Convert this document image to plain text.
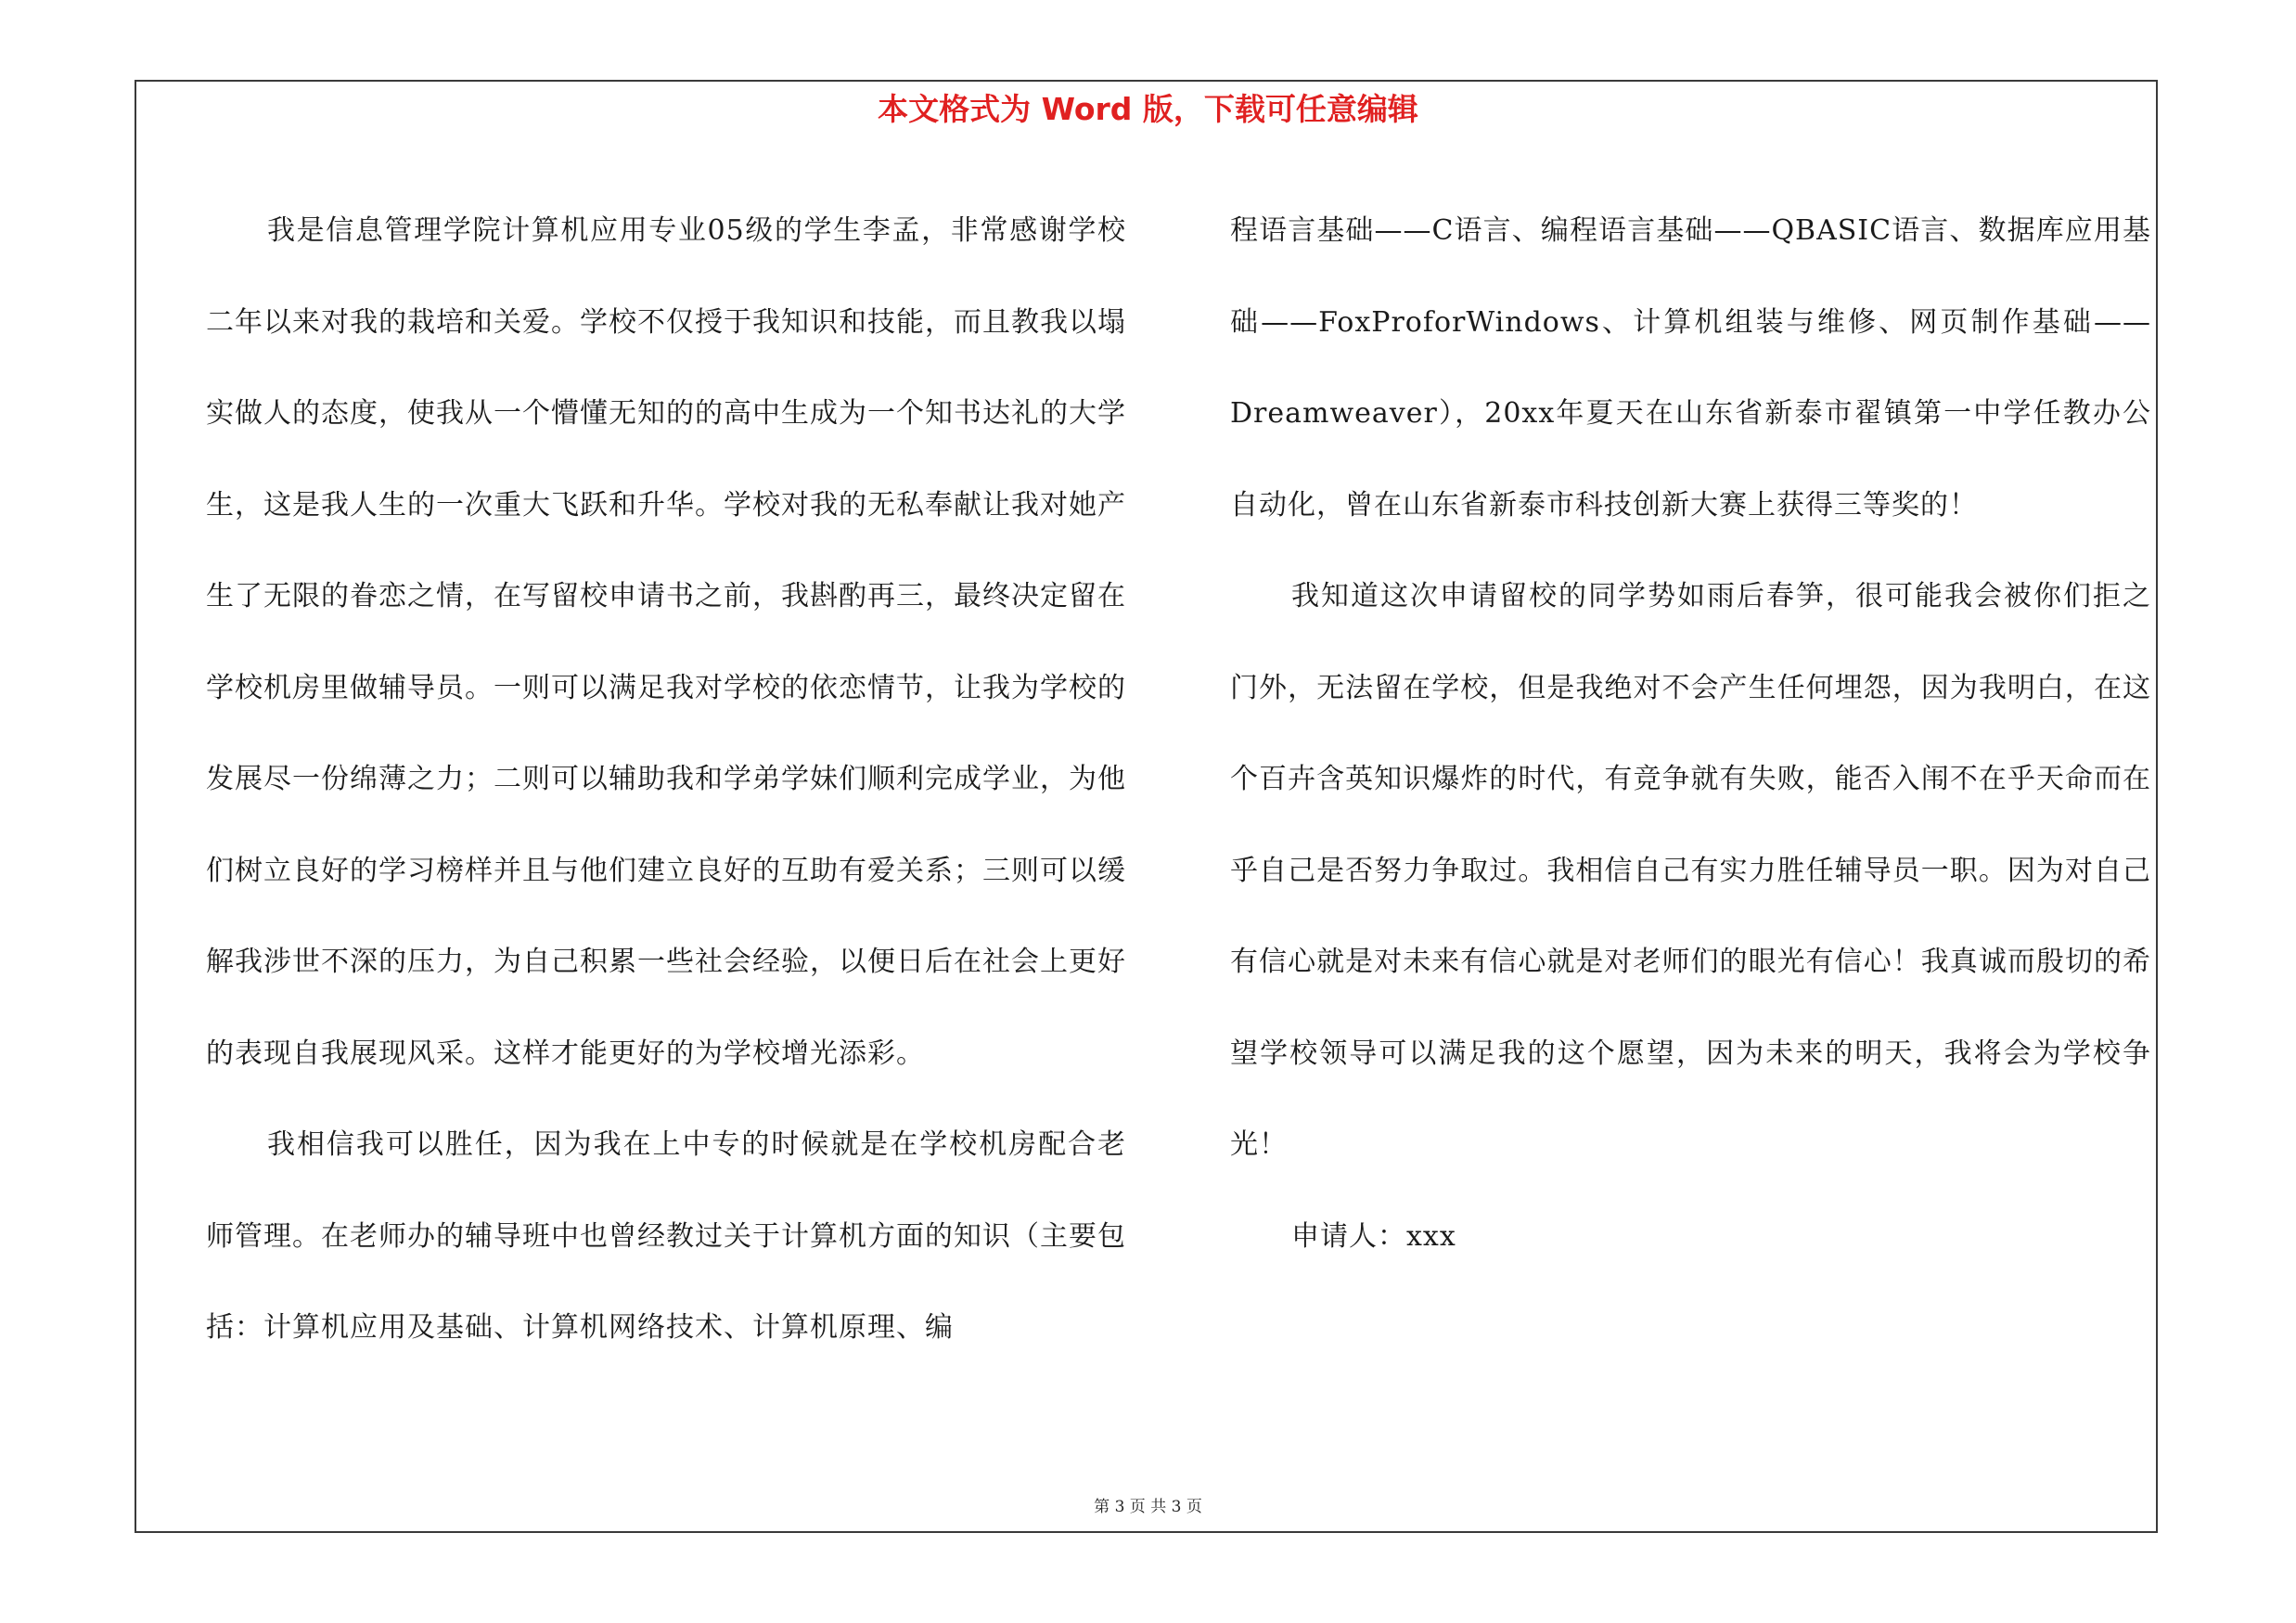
本文格式为 Word 版，下载可任意编辑

我是信息管理学院计算机应用专业05级的学生李孟，非常感谢学校二年以来对我的栽培和关爱。学校不仅授于我知识和技能，而且教我以塌实做人的态度，使我从一个懵懂无知的的高中生成为一个知书达礼的大学生，这是我人生的一次重大飞跃和升华。学校对我的无私奉献让我对她产生了无限的眷恋之情，在写留校申请书之前，我斟酌再三，最终决定留在学校机房里做辅导员。一则可以满足我对学校的依恋情节，让我为学校的发展尽一份绵薄之力；二则可以辅助我和学弟学妹们顺利完成学业，为他们树立良好的学习榜样并且与他们建立良好的互助有爱关系；三则可以缓解我涉世不深的压力，为自己积累一些社会经验，以便日后在社会上更好的表现自我展现风采。这样才能更好的为学校增光添彩。

我相信我可以胜任，因为我在上中专的时候就是在学校机房配合老师管理。在老师办的辅导班中也曾经教过关于计算机方面的知识（主要包括：计算机应用及基础、计算机网络技术、计算机原理、编

程语言基础——C语言、编程语言基础——QBASIC语言、数据库应用基础——FoxProforWindows、计算机组装与维修、网页制作基础——Dreamweaver），20xx年夏天在山东省新泰市翟镇第一中学任教办公自动化，曾在山东省新泰市科技创新大赛上获得三等奖的！

我知道这次申请留校的同学势如雨后春笋，很可能我会被你们拒之门外，无法留在学校，但是我绝对不会产生任何埋怨，因为我明白，在这个百卉含英知识爆炸的时代，有竞争就有失败，能否入闱不在乎天命而在乎自己是否努力争取过。我相信自己有实力胜任辅导员一职。因为对自己有信心就是对未来有信心就是对老师们的眼光有信心！我真诚而殷切的希望学校领导可以满足我的这个愿望，因为未来的明天，我将会为学校争光！

申请人：xxx

第 3 页 共 3 页
